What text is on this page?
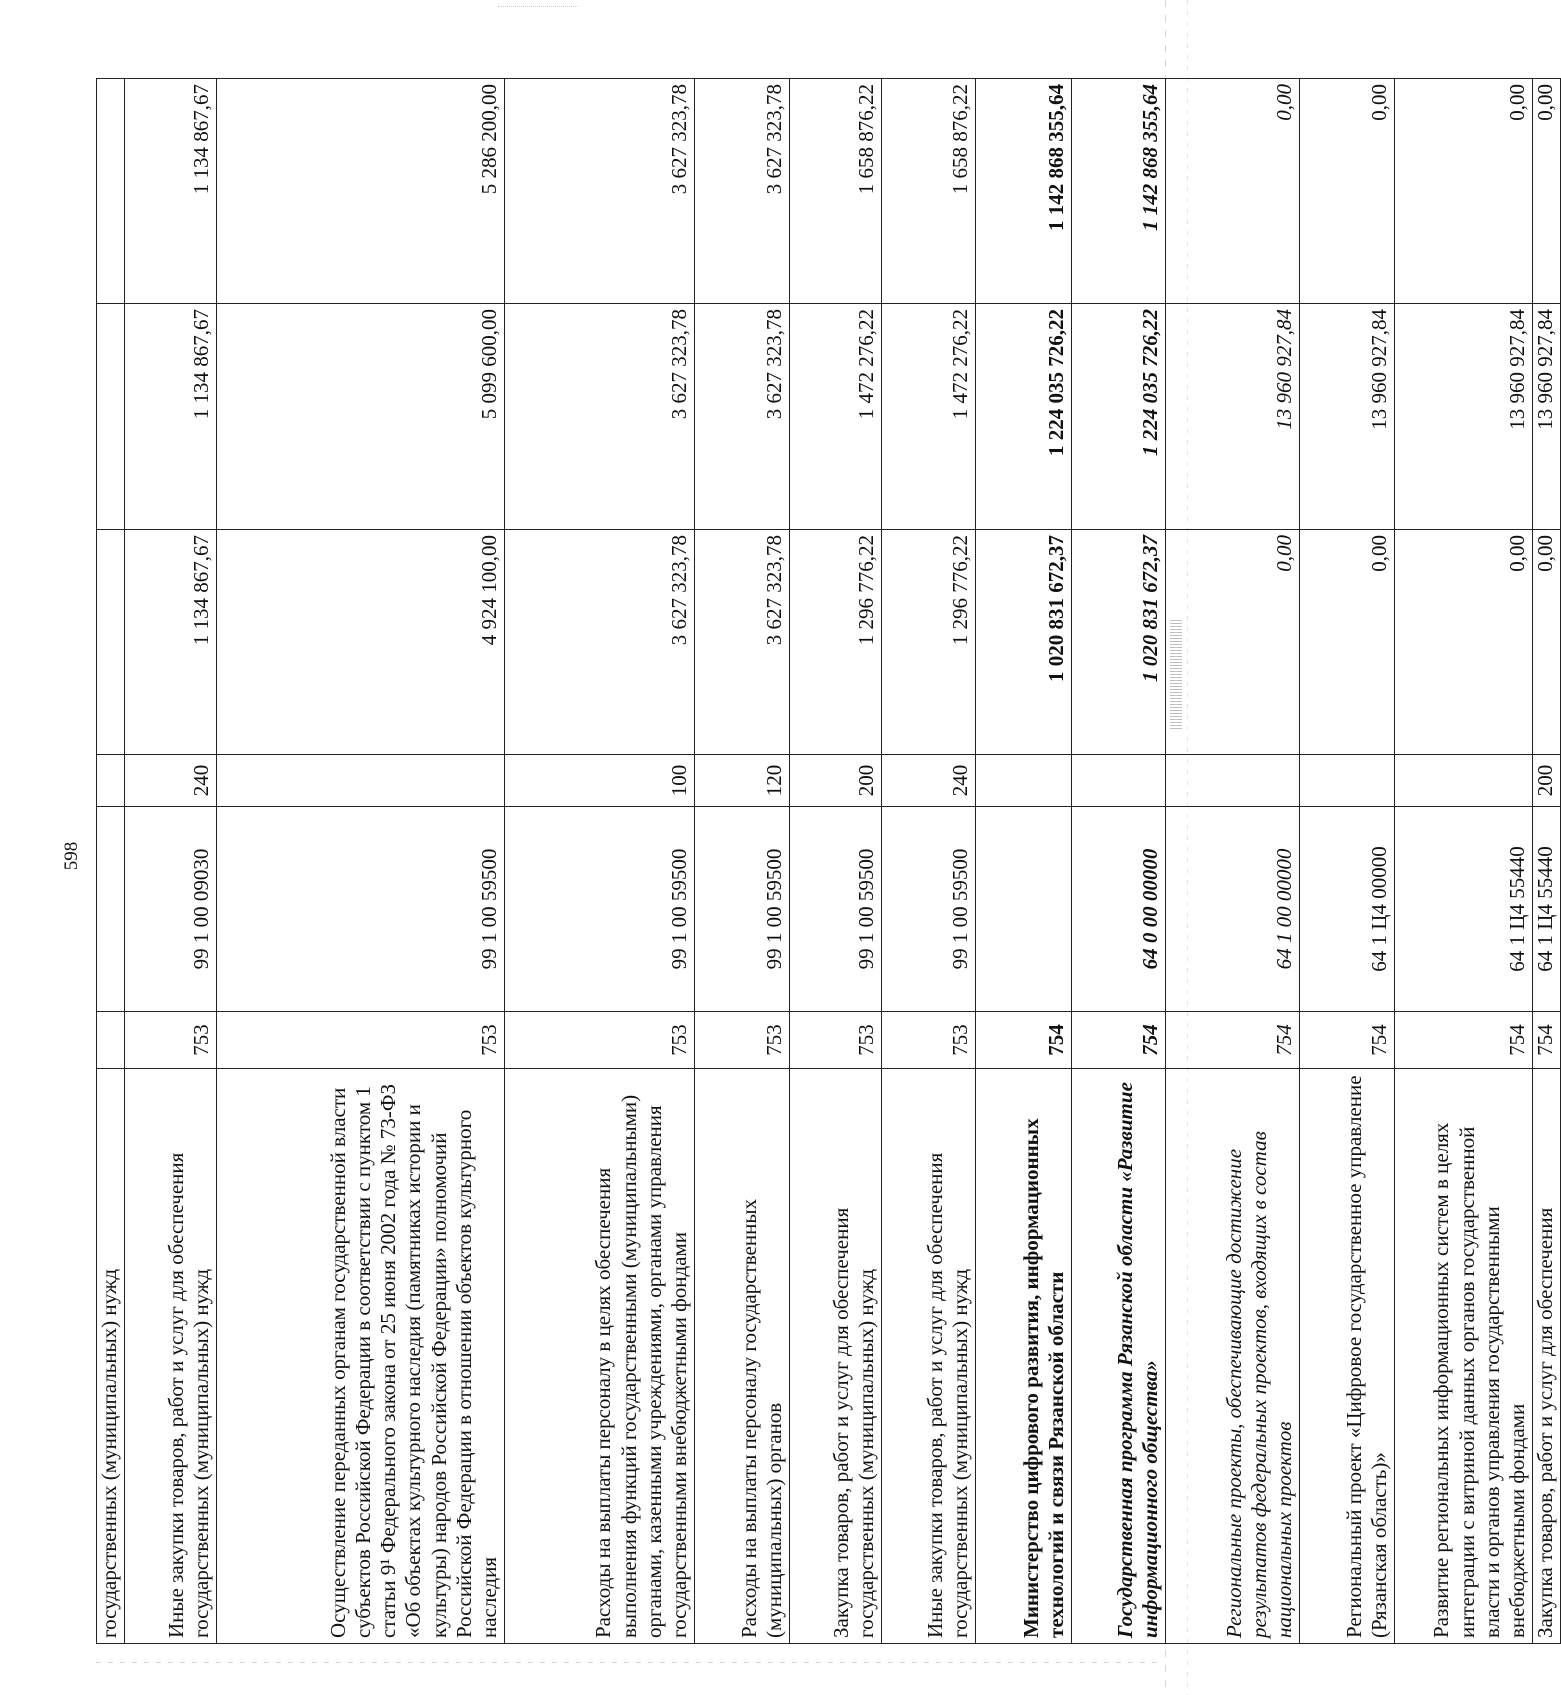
598
государственных (муниципальных) нужд						
Иные закупки товаров, работ и услуг для обеспечения государственных (муниципальных) нужд	753	99 1 00 09030	240	1 134 867,67	1 134 867,67	1 134 867,67
Осуществление переданных органам государственной власти субъектов Российской Федерации в соответствии с пунктом 1 статьи 9¹ Федерального закона от 25 июня 2002 года № 73-ФЗ «Об объектах культурного наследия (памятниках истории и культуры) народов Российской Федерации» полномочий Российской Федерации в отношении объектов культурного наследия	753	99 1 00 59500		4 924 100,00	5 099 600,00	5 286 200,00
Расходы на выплаты персоналу в целях обеспечения выполнения функций государственными (муниципальными) органами, казенными учреждениями, органами управления государственными внебюджетными фондами	753	99 1 00 59500	100	3 627 323,78	3 627 323,78	3 627 323,78
Расходы на выплаты персоналу государственных (муниципальных) органов	753	99 1 00 59500	120	3 627 323,78	3 627 323,78	3 627 323,78
Закупка товаров, работ и услуг для обеспечения государственных (муниципальных) нужд	753	99 1 00 59500	200	1 296 776,22	1 472 276,22	1 658 876,22
Иные закупки товаров, работ и услуг для обеспечения государственных (муниципальных) нужд	753	99 1 00 59500	240	1 296 776,22	1 472 276,22	1 658 876,22
Министерство цифрового развития, информационных технологий и связи Рязанской области	754			1 020 831 672,37	1 224 035 726,22	1 142 868 355,64
Государственная программа Рязанской области «Развитие информационного общества»	754	64 0 00 00000		1 020 831 672,37	1 224 035 726,22	1 142 868 355,64
Региональные проекты, обеспечивающие достижение результатов федеральных проектов, входящих в состав национальных проектов	754	64 1 00 00000		0,00	13 960 927,84	0,00
Региональный проект «Цифровое государственное управление (Рязанская область)»	754	64 1 Ц4 00000		0,00	13 960 927,84	0,00
Развитие региональных информационных систем в целях интеграции с витриной данных органов государственной власти и органов управления государственными внебюджетными фондами	754	64 1 Ц4 55440		0,00	13 960 927,84	0,00
Закупка товаров, работ и услуг для обеспечения	754	64 1 Ц4 55440	200	0,00	13 960 927,84	0,00
